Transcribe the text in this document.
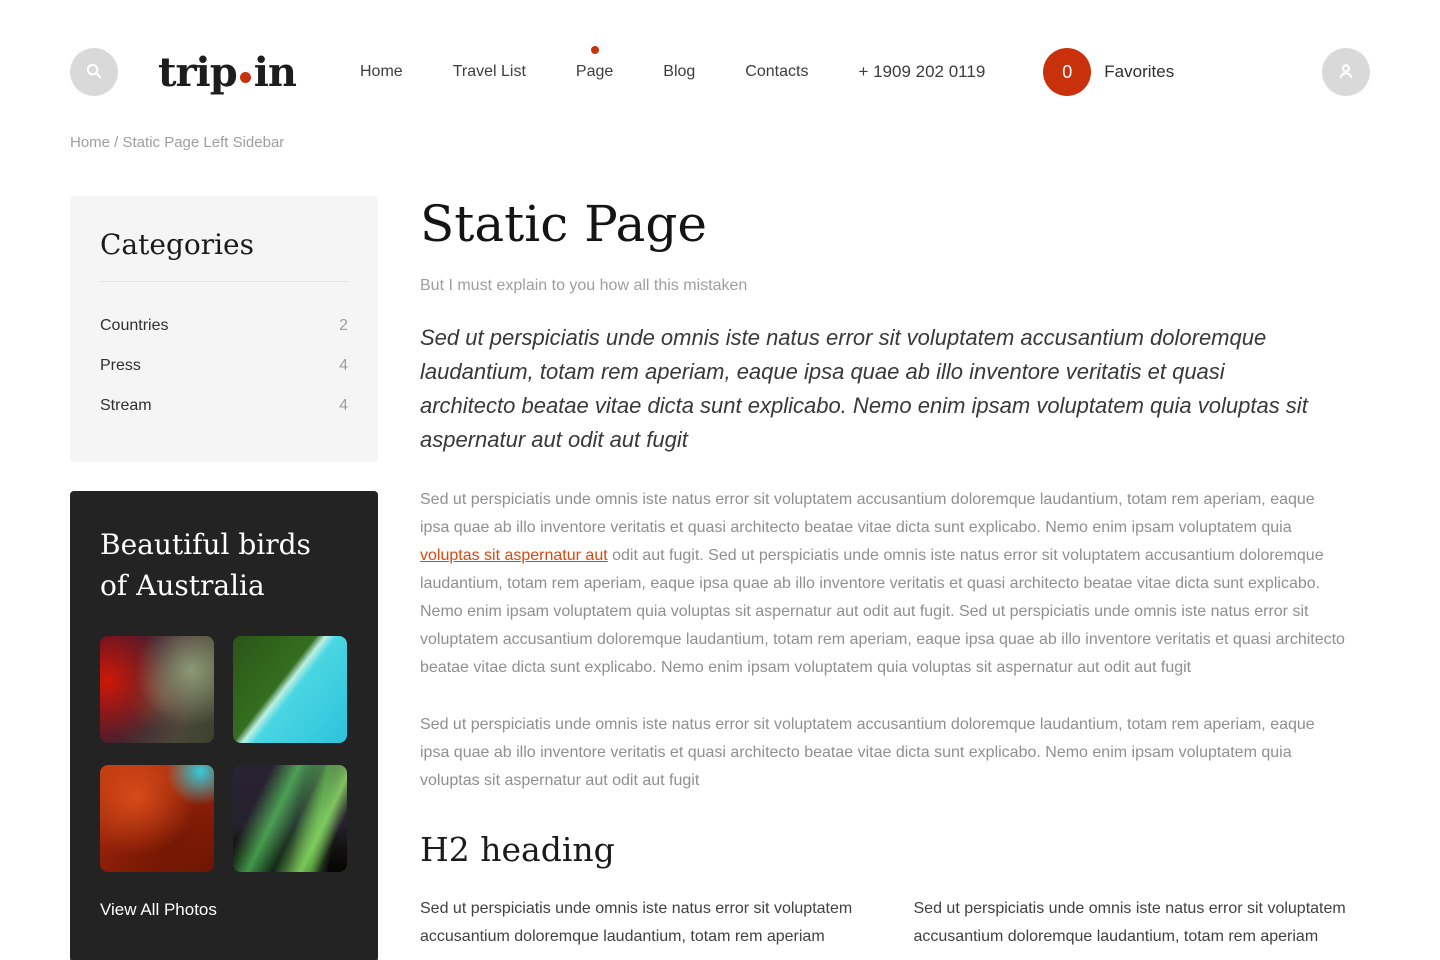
trip in	Home	Travel List	Page	Blog	Contacts	+ 1909 202 0119	0	Favorites
Home / Static Page Left Sidebar
Categories
Countries	2
Press	4
Stream	4
Beautiful birds of Australia
View All Photos
Static Page
But I must explain to you how all this mistaken

Sed ut perspiciatis unde omnis iste natus error sit voluptatem accusantium doloremque laudantium, totam rem aperiam, eaque ipsa quae ab illo inventore veritatis et quasi architecto beatae vitae dicta sunt explicabo. Nemo enim ipsam voluptatem quia voluptas sit aspernatur aut odit aut fugit

Sed ut perspiciatis unde omnis iste natus error sit voluptatem accusantium doloremque laudantium, totam rem aperiam, eaque ipsa quae ab illo inventore veritatis et quasi architecto beatae vitae dicta sunt explicabo. Nemo enim ipsam voluptatem quia voluptas sit aspernatur aut odit aut fugit. Sed ut perspiciatis unde omnis iste natus error sit voluptatem accusantium doloremque laudantium, totam rem aperiam, eaque ipsa quae ab illo inventore veritatis et quasi architecto beatae vitae dicta sunt explicabo. Nemo enim ipsam voluptatem quia voluptas sit aspernatur aut odit aut fugit. Sed ut perspiciatis unde omnis iste natus error sit voluptatem accusantium doloremque laudantium, totam rem aperiam, eaque ipsa quae ab illo inventore veritatis et quasi architecto beatae vitae dicta sunt explicabo. Nemo enim ipsam voluptatem quia voluptas sit aspernatur aut odit aut fugit

Sed ut perspiciatis unde omnis iste natus error sit voluptatem accusantium doloremque laudantium, totam rem aperiam, eaque ipsa quae ab illo inventore veritatis et quasi architecto beatae vitae dicta sunt explicabo. Nemo enim ipsam voluptatem quia voluptas sit aspernatur aut odit aut fugit

H2 heading

Sed ut perspiciatis unde omnis iste natus error sit voluptatem accusantium doloremque laudantium, totam rem aperiam

Sed ut perspiciatis unde omnis iste natus error sit voluptatem accusantium doloremque laudantium, totam rem aperiam
